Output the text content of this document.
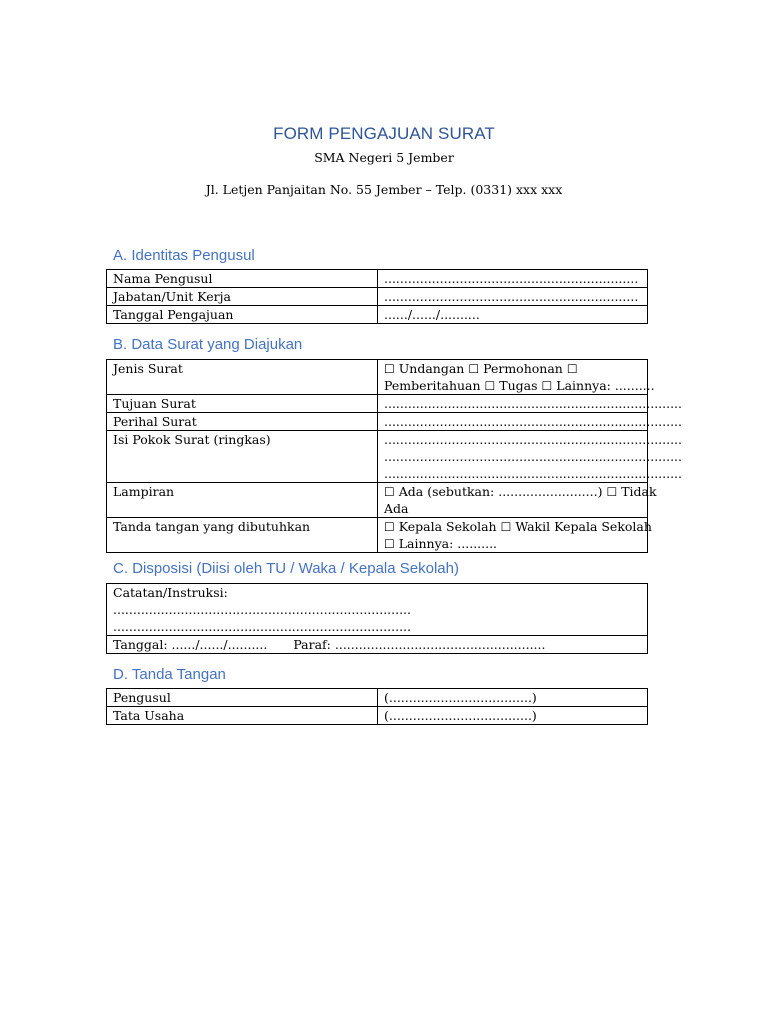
FORM PENGAJUAN SURAT
SMA Negeri 5 Jember
Jl. Letjen Panjaitan No. 55 Jember – Telp. (0331) xxx xxx
A. Identitas Pengusul
Nama Pengusul	................................................................
Jabatan/Unit Kerja	................................................................
Tanggal Pengajuan	....../....../..........
B. Data Surat yang Diajukan
Jenis Surat	☐ Undangan ☐ Permohonan ☐
Pemberitahuan ☐ Tugas ☐ Lainnya: ..........

Tujuan Surat	...........................................................................
Perihal Surat	...........................................................................
Isi Pokok Surat (ringkas)	...........................................................................
...........................................................................
...........................................................................

Lampiran	☐ Ada (sebutkan: .........................) ☐ Tidak
Ada

Tanda tangan yang dibutuhkan	☐ Kepala Sekolah ☐ Wakil Kepala Sekolah
☐ Lainnya: ..........
C. Disposisi (Diisi oleh TU / Waka / Kepala Sekolah)
Catatan/Instruksi:
...........................................................................
...........................................................................

Tanggal: ....../....../.......... Paraf: .....................................................
D. Tanda Tangan
Pengusul	(....................................)
Tata Usaha	(....................................)
